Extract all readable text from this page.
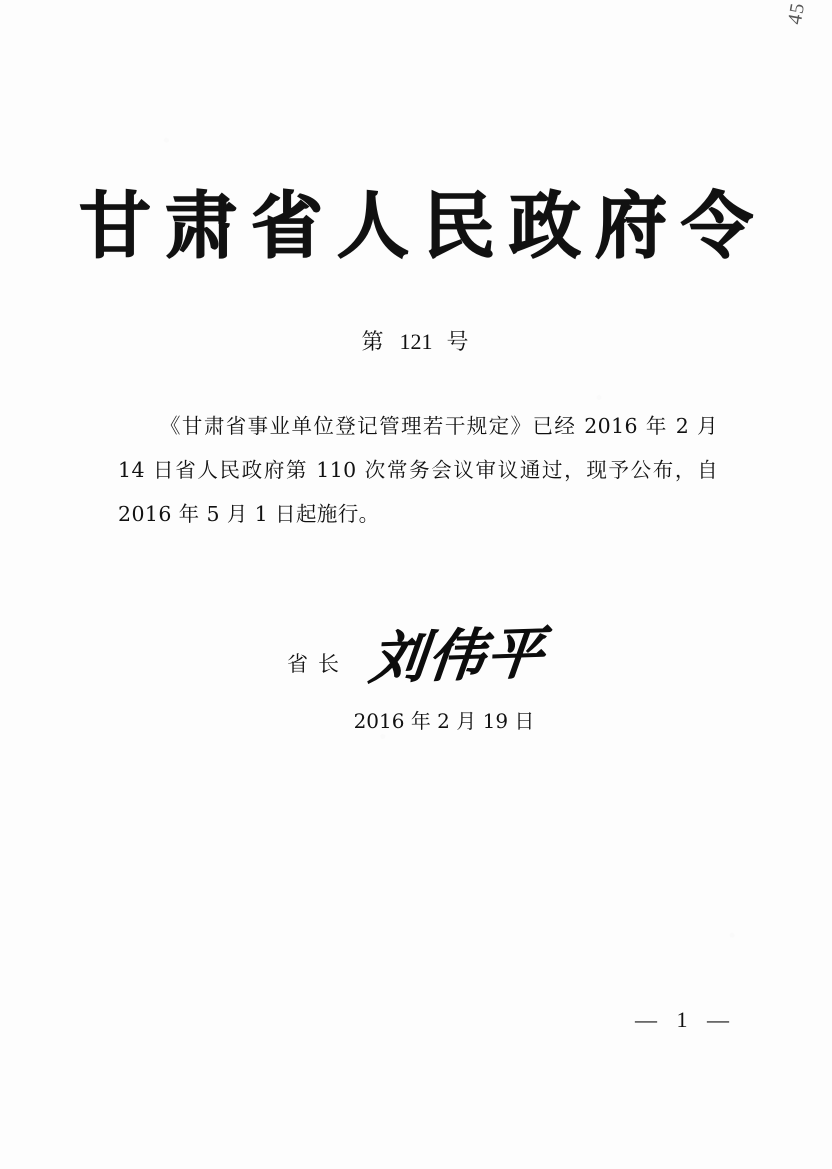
45
甘肃省人民政府令
第 121 号

《甘肃省事业单位登记管理若干规定》已经 2016 年 2 月 14 日省人民政府第 110 次常务会议审议通过，现予公布，自 2016 年 5 月 1 日起施行。

省长 刘伟平
2016 年 2 月 19 日
— 1 —
